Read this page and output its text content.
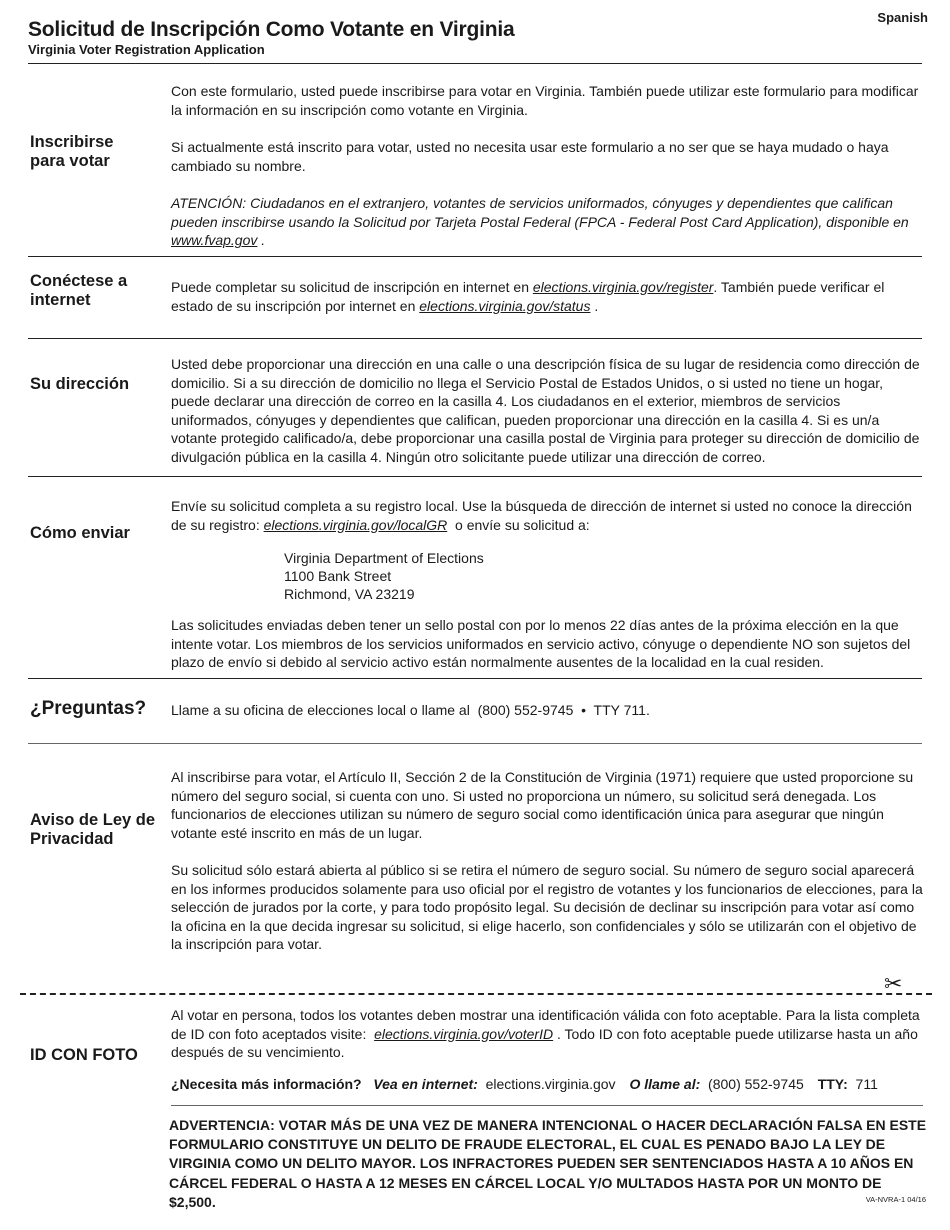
Solicitud de Inscripción Como Votante en Virginia
Virginia Voter Registration Application
Spanish
Inscribirse para votar
Con este formulario, usted puede inscribirse para votar en Virginia. También puede utilizar este formulario para modificar la información en su inscripción como votante en Virginia.
Si actualmente está inscrito para votar, usted no necesita usar este formulario a no ser que se haya mudado o haya cambiado su nombre.
ATENCIÓN: Ciudadanos en el extranjero, votantes de servicios uniformados, cónyuges y dependientes que califican pueden inscribirse usando la Solicitud por Tarjeta Postal Federal (FPCA - Federal Post Card Application), disponible en www.fvap.gov .
Conéctese a internet
Puede completar su solicitud de inscripción en internet en elections.virginia.gov/register. También puede verificar el estado de su inscripción por internet en elections.virginia.gov/status .
Su dirección
Usted debe proporcionar una dirección en una calle o una descripción física de su lugar de residencia como dirección de domicilio. Si a su dirección de domicilio no llega el Servicio Postal de Estados Unidos, o si usted no tiene un hogar, puede declarar una dirección de correo en la casilla 4. Los ciudadanos en el exterior, miembros de servicios uniformados, cónyuges y dependientes que califican, pueden proporcionar una dirección en la casilla 4. Si es un/a votante protegido calificado/a, debe proporcionar una casilla postal de Virginia para proteger su dirección de domicilio de divulgación pública en la casilla 4. Ningún otro solicitante puede utilizar una dirección de correo.
Cómo enviar
Envíe su solicitud completa a su registro local. Use la búsqueda de dirección de internet si usted no conoce la dirección de su registro: elections.virginia.gov/localGR o envíe su solicitud a:
Virginia Department of Elections
1100 Bank Street
Richmond, VA 23219
Las solicitudes enviadas deben tener un sello postal con por lo menos 22 días antes de la próxima elección en la que intente votar. Los miembros de los servicios uniformados en servicio activo, cónyuge o dependiente NO son sujetos del plazo de envío si debido al servicio activo están normalmente ausentes de la localidad en la cual residen.
¿Preguntas? Llame a su oficina de elecciones local o llame al  (800) 552-9745  •  TTY 711.
Aviso de Ley de Privacidad
Al inscribirse para votar, el Artículo II, Sección 2 de la Constitución de Virginia (1971) requiere que usted proporcione su número del seguro social, si cuenta con uno. Si usted no proporciona un número, su solicitud será denegada. Los funcionarios de elecciones utilizan su número de seguro social como identificación única para asegurar que ningún votante esté inscrito en más de un lugar.
Su solicitud sólo estará abierta al público si se retira el número de seguro social. Su número de seguro social aparecerá en los informes producidos solamente para uso oficial por el registro de votantes y los funcionarios de elecciones, para la selección de jurados por la corte, y para todo propósito legal. Su decisión de declinar su inscripción para votar así como la oficina en la que decida ingresar su solicitud, si elige hacerlo, son confidenciales y sólo se utilizarán con el objetivo de la inscripción para votar.
✂
ID CON FOTO
Al votar en persona, todos los votantes deben mostrar una identificación válida con foto aceptable. Para la lista completa de ID con foto aceptados visite: elections.virginia.gov/voterID . Todo ID con foto aceptable puede utilizarse hasta un año después de su vencimiento.
¿Necesita más información? Vea en internet: elections.virginia.gov O llame al: (800) 552-9745 TTY: 711
ADVERTENCIA: VOTAR MÁS DE UNA VEZ DE MANERA INTENCIONAL O HACER DECLARACIÓN FALSA EN ESTE FORMULARIO CONSTITUYE UN DELITO DE FRAUDE ELECTORAL, EL CUAL ES PENADO BAJO LA LEY DE VIRGINIA COMO UN DELITO MAYOR. LOS INFRACTORES PUEDEN SER SENTENCIADOS HASTA A 10 AÑOS EN CÁRCEL FEDERAL O HASTA A 12 MESES EN CÁRCEL LOCAL Y/O MULTADOS HASTA POR UN MONTO DE $2,500.	VA-NVRA-1 04/16
